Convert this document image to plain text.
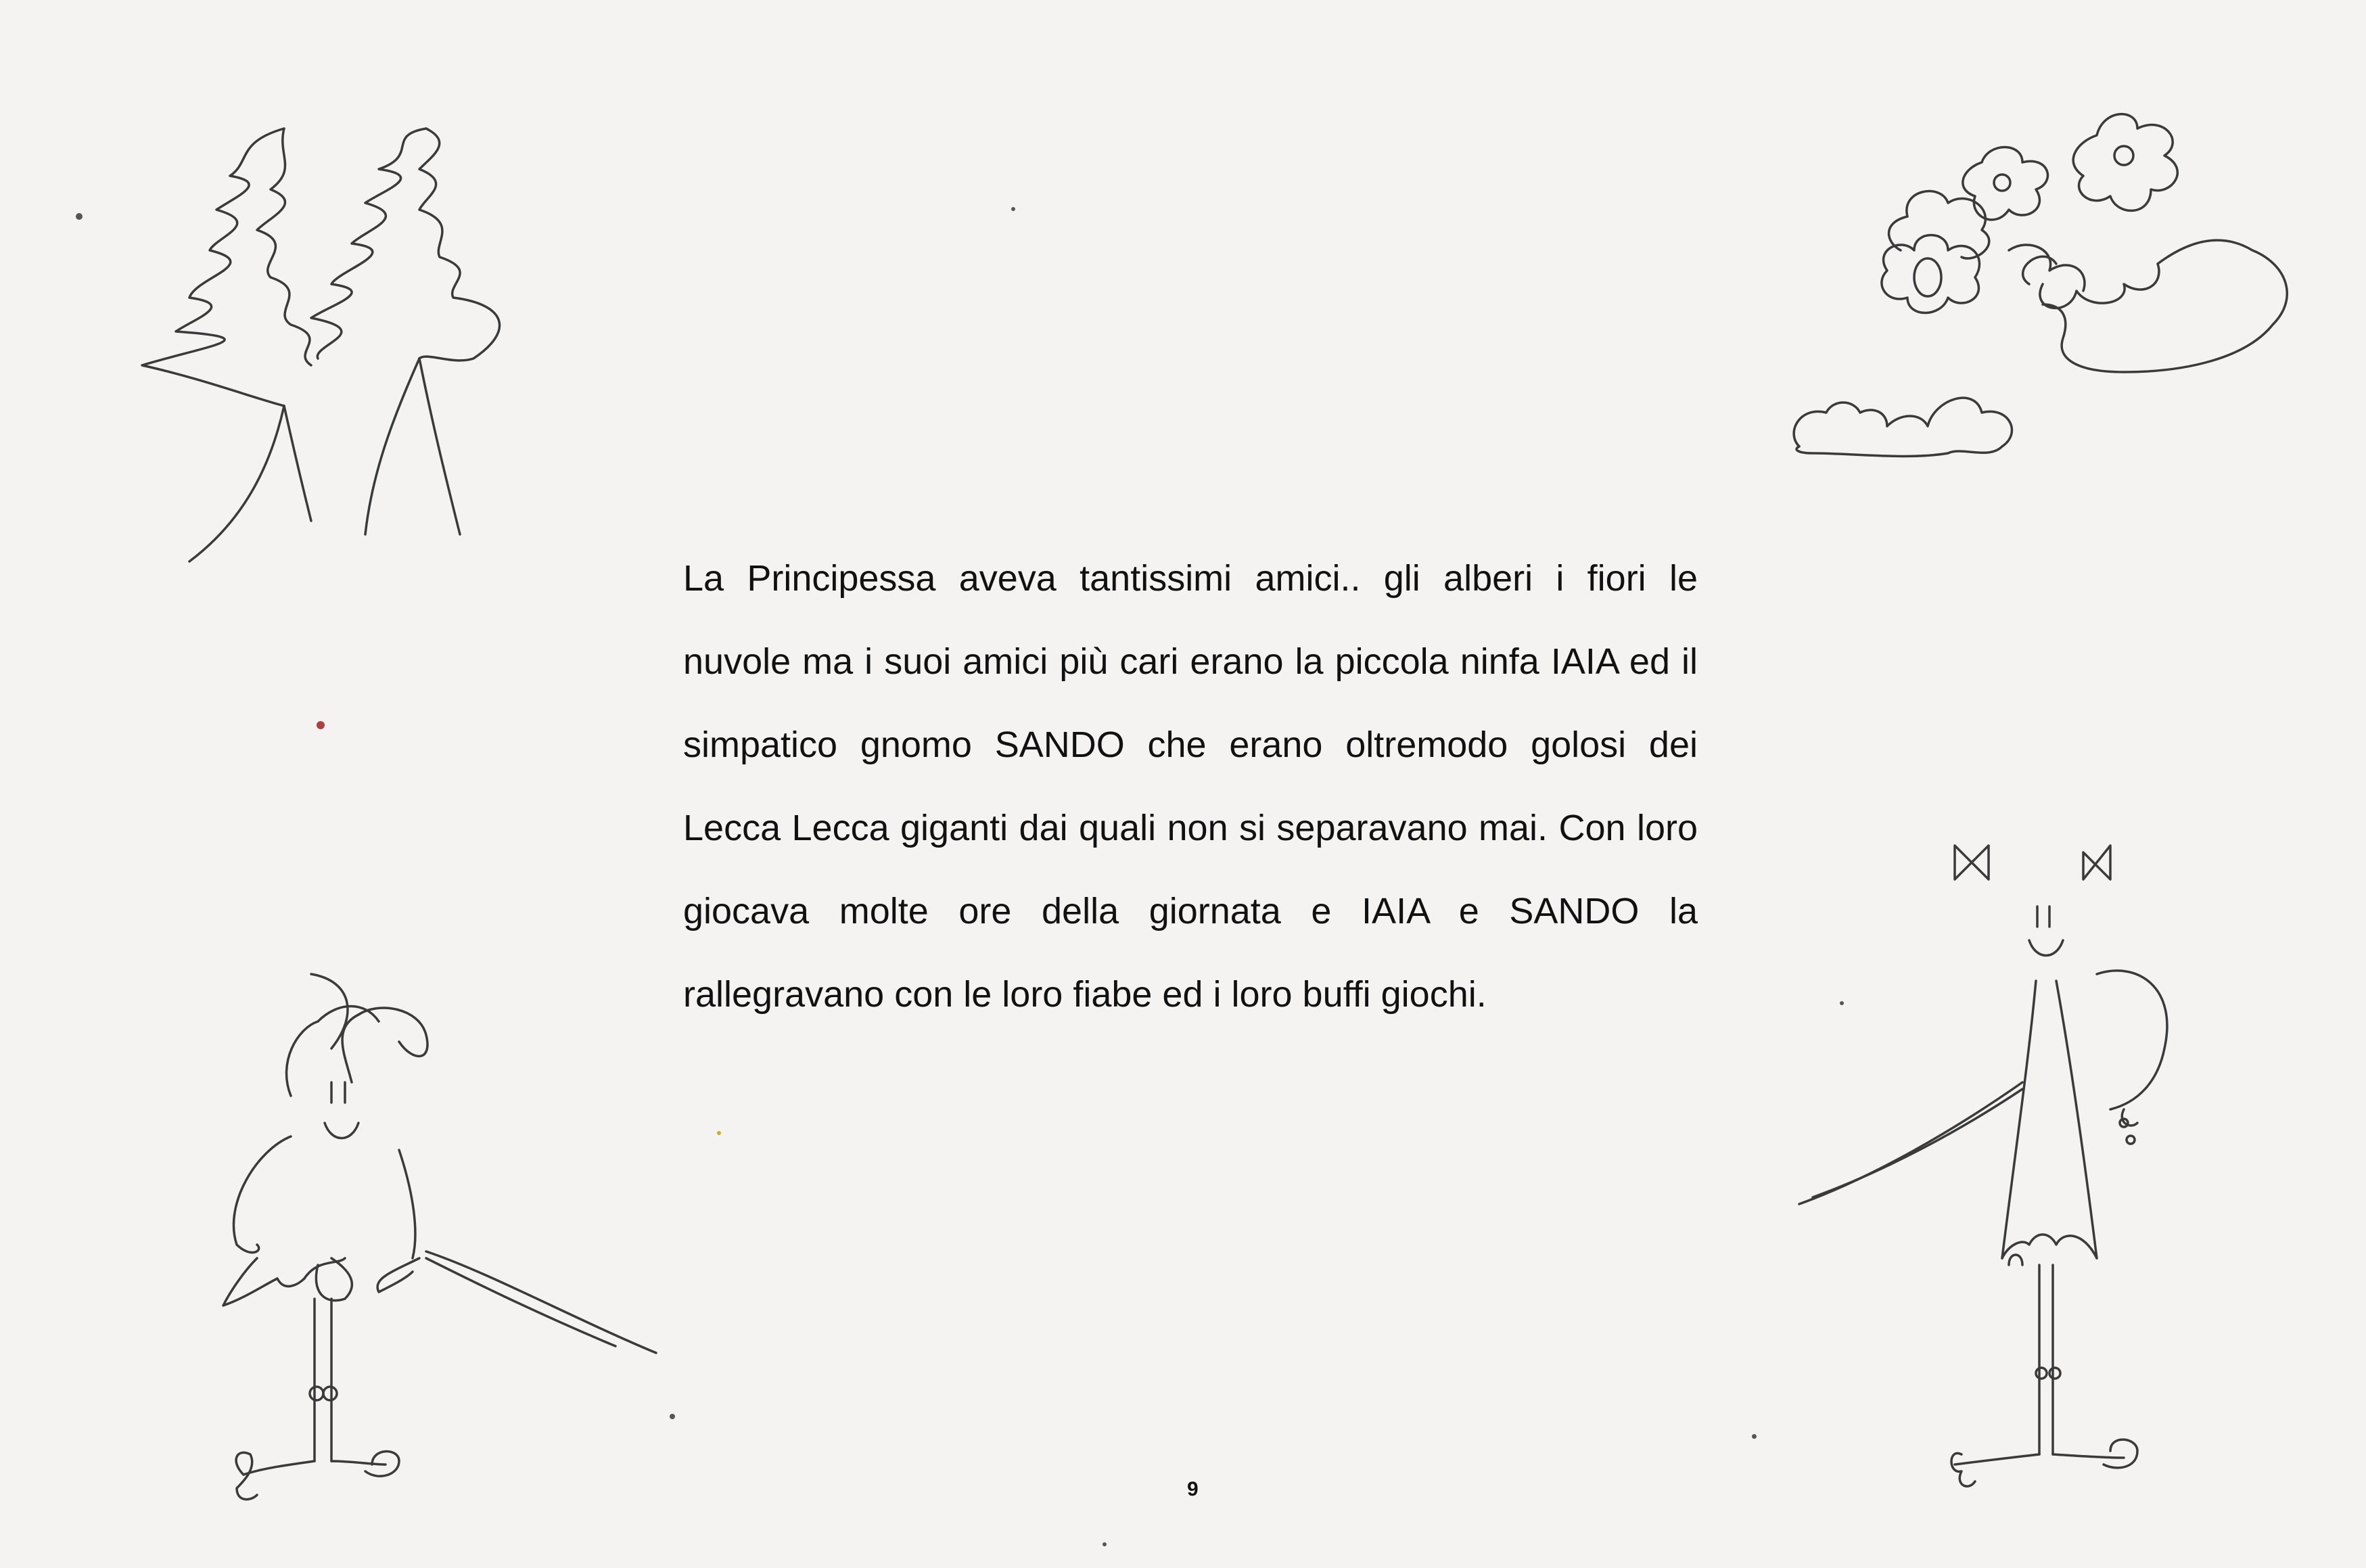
La Principessa aveva tantissimi amici.. gli alberi i fiori le nuvole ma i suoi amici più cari erano la piccola ninfa IAIA ed il simpatico gnomo SANDO che erano oltremodo golosi dei Lecca Lecca giganti dai quali non si separavano mai. Con loro giocava molte ore della giornata e IAIA e SANDO la rallegravano con le loro fiabe ed i loro buffi giochi.

9
